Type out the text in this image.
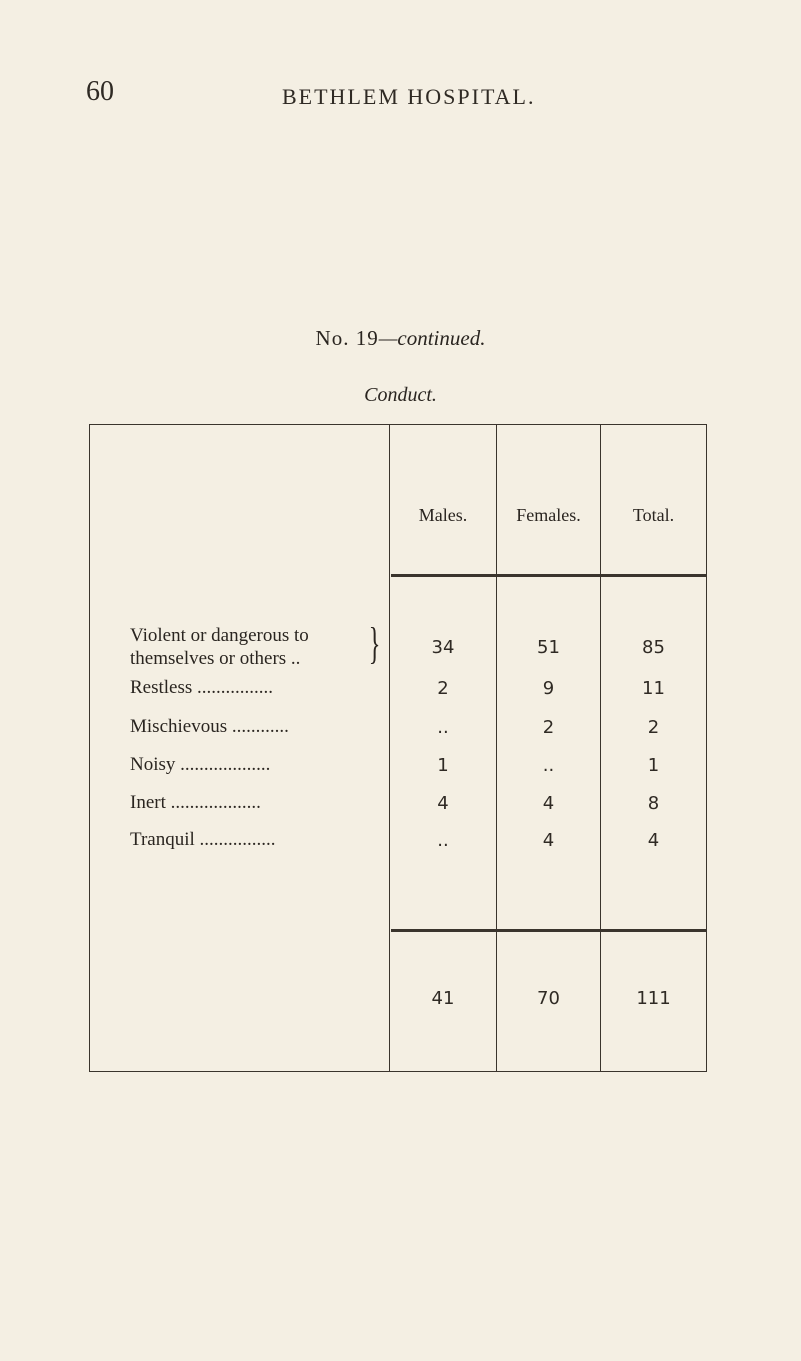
60	BETHLEM HOSPITAL.
No. 19—continued.
Conduct.
Males.	Females.	Total.
Violent or dangerous to
themselves or others .. }	34	51	85
Restless ................	2	9	11
Mischievous ............	..	2	2
Noisy ...................	1	..	1
Inert ...................	4	4	8
Tranquil ................	..	4	4
41	70	111
